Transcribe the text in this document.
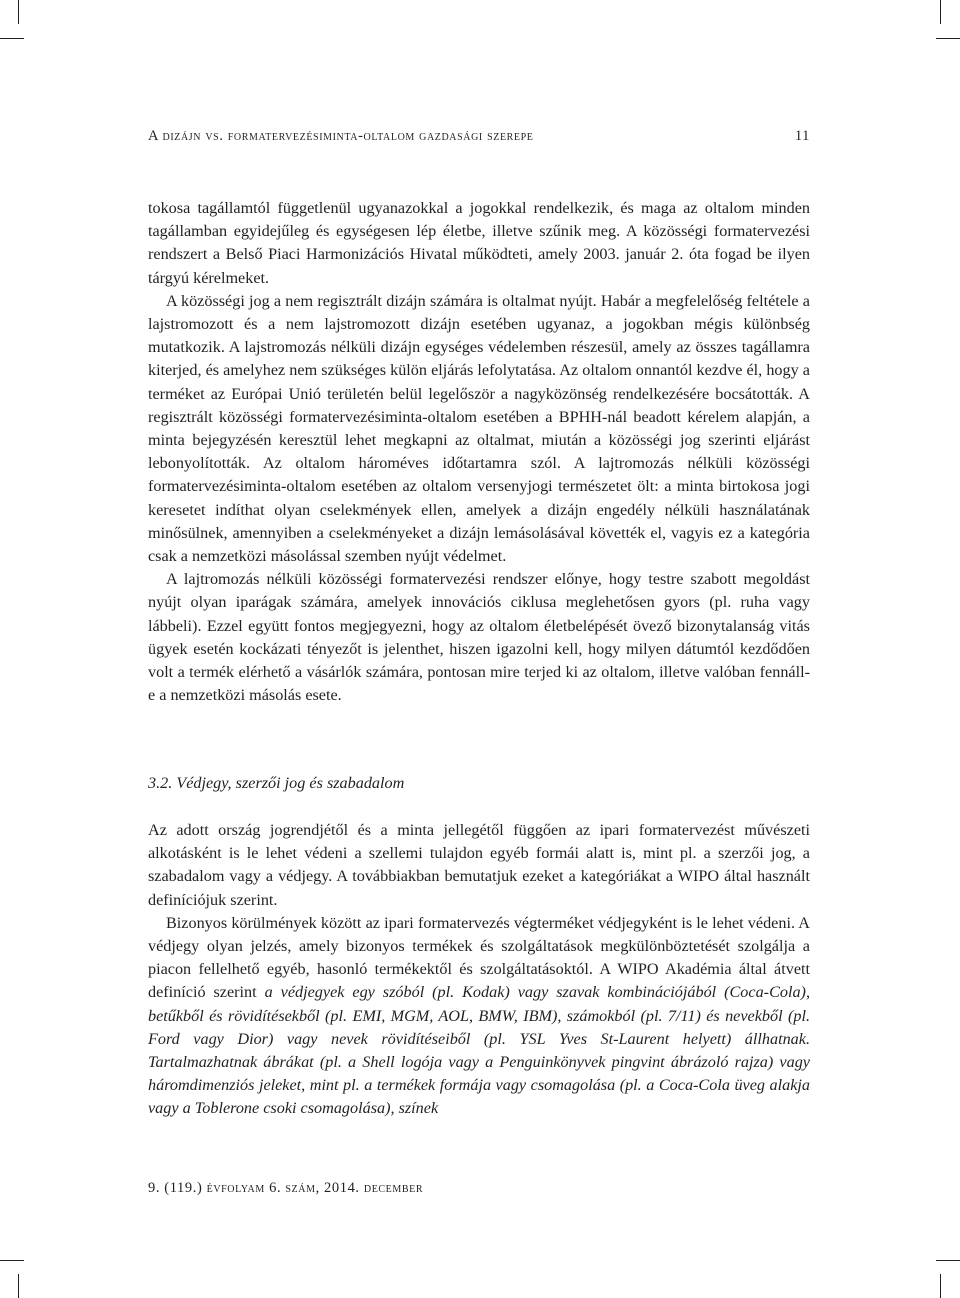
A dizájn vs. formatervezésiminta-oltalom gazdasági szerepe	11

tokosa tagállamtól függetlenül ugyanazokkal a jogokkal rendelkezik, és maga az oltalom minden tagállamban egyidejűleg és egységesen lép életbe, illetve szűnik meg. A közösségi formatervezési rendszert a Belső Piaci Harmonizációs Hivatal működteti, amely 2003. január 2. óta fogad be ilyen tárgyú kérelmeket.

A közösségi jog a nem regisztrált dizájn számára is oltalmat nyújt. Habár a megfelelőség feltétele a lajstromozott és a nem lajstromozott dizájn esetében ugyanaz, a jogokban mégis különbség mutatkozik. A lajstromozás nélküli dizájn egységes védelemben részesül, amely az összes tagállamra kiterjed, és amelyhez nem szükséges külön eljárás lefolytatása. Az oltalom onnantól kezdve él, hogy a terméket az Európai Unió területén belül legelőször a nagyközönség rendelkezésére bocsátották. A regisztrált közösségi formatervezésiminta-oltalom esetében a BPHH-nál beadott kérelem alapján, a minta bejegyzésén keresztül lehet megkapni az oltalmat, miután a közösségi jog szerinti eljárást lebonyolították. Az oltalom hároméves időtartamra szól. A lajtromozás nélküli közösségi formatervezésiminta-oltalom esetében az oltalom versenyjogi természetet ölt: a minta birtokosa jogi keresetet indíthat olyan cselekmények ellen, amelyek a dizájn engedély nélküli használatának minősülnek, amennyiben a cselekményeket a dizájn lemásolásával követték el, vagyis ez a kategória csak a nemzetközi másolással szemben nyújt védelmet.

A lajtromozás nélküli közösségi formatervezési rendszer előnye, hogy testre szabott megoldást nyújt olyan iparágak számára, amelyek innovációs ciklusa meglehetősen gyors (pl. ruha vagy lábbeli). Ezzel együtt fontos megjegyezni, hogy az oltalom életbelépését övező bizonytalanság vitás ügyek esetén kockázati tényezőt is jelenthet, hiszen igazolni kell, hogy milyen dátumtól kezdődően volt a termék elérhető a vásárlók számára, pontosan mire terjed ki az oltalom, illetve valóban fennáll-e a nemzetközi másolás esete.

3.2. Védjegy, szerzői jog és szabadalom

Az adott ország jogrendjétől és a minta jellegétől függően az ipari formatervezést művészeti alkotásként is le lehet védeni a szellemi tulajdon egyéb formái alatt is, mint pl. a szerzői jog, a szabadalom vagy a védjegy. A továbbiakban bemutatjuk ezeket a kategóriákat a WIPO által használt definíciójuk szerint.

Bizonyos körülmények között az ipari formatervezés végterméket védjegyként is le lehet védeni. A védjegy olyan jelzés, amely bizonyos termékek és szolgáltatások megkülönböztetését szolgálja a piacon fellelhető egyéb, hasonló termékektől és szolgáltatásoktól. A WIPO Akadémia által átvett definíció szerint a védjegyek egy szóból (pl. Kodak) vagy szavak kombinációjából (Coca-Cola), betűkből és rövidítésekből (pl. EMI, MGM, AOL, BMW, IBM), számokból (pl. 7/11) és nevekből (pl. Ford vagy Dior) vagy nevek rövidítéseiből (pl. YSL Yves St-Laurent helyett) állhatnak. Tartalmazhatnak ábrákat (pl. a Shell logója vagy a Penguinkönyvek pingvint ábrázoló rajza) vagy háromdimenziós jeleket, mint pl. a termékek formája vagy csomagolása (pl. a Coca-Cola üveg alakja vagy a Toblerone csoki csomagolása), színek

9. (119.) évfolyam 6. szám, 2014. december
